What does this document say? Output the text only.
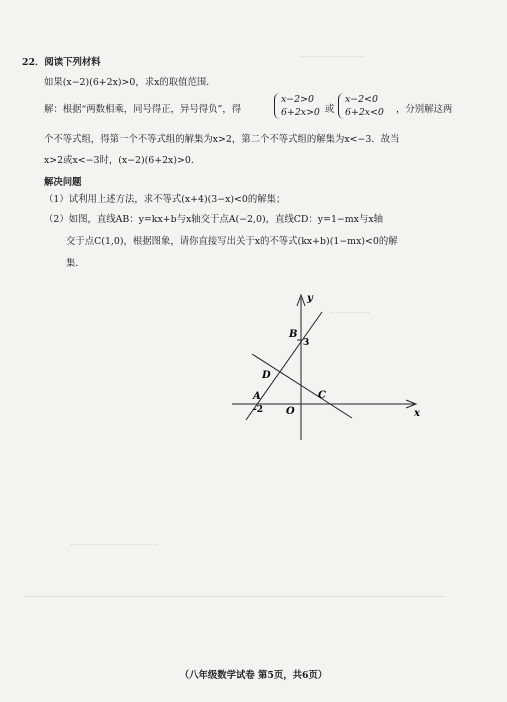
⋯⋯⋯⋯⋯⋯⋯⋯
⋯⋯⋯⋯⋯
⋯⋯⋯⋯⋯⋯⋯⋯⋯⋯⋯
22．阅读下列材料
如果(x−2)(6+2x)>0，求x的取值范围．
解：根据“两数相乘，同号得正，异号得负”，得
x−2>0
6+2x>0 或
x−2<0
6+2x<0 ，分别解这两
个不等式组，得第一个不等式组的解集为x>2，第二个不等式组的解集为x<−3．故当
x>2或x<−3时，(x−2)(6+2x)>0．
解决问题
（1）试利用上述方法，求不等式(x+4)(3−x)<0的解集；
（2）如图，直线AB：y=kx+b与x轴交于点A(−2,0)，直线CD：y=1−mx与x轴
交于点C(1,0)，根据图象，请你直接写出关于x的不等式(kx+b)(1−mx)<0的解
集．
x
y
O
A
B
C
D
-2
3
（八年级数学试卷 第5页，共6页）
